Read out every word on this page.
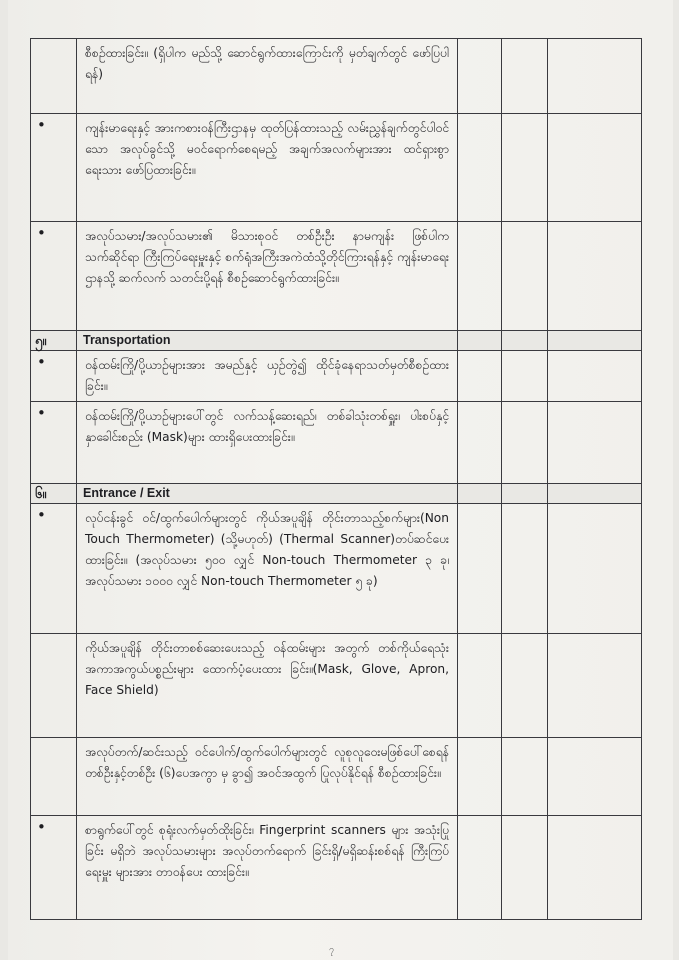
	စီစဉ်ထားခြင်း။ (ရှိပါက မည်သို့ ဆောင်ရွက်ထားကြောင်းကို မှတ်ချက်တွင် ဖော်ပြပါရန်)			

•	ကျန်းမာရေးနှင့် အားကစားဝန်ကြီးဌာနမှ ထုတ်ပြန်ထားသည့် လမ်းညွှန်ချက်တွင်ပါဝင်သော အလုပ်ခွင်သို့ မဝင်ရောက်စေရမည့် အချက်အလက်များအား ထင်ရှားစွာရေးသား ဖော်ပြထားခြင်း။			

•	အလုပ်သမား/အလုပ်သမား၏ မိသားစုဝင် တစ်ဦးဦး နာမကျန်း ဖြစ်ပါက သက်ဆိုင်ရာ ကြီးကြပ်ရေးမှူးနှင့် စက်ရုံအကြီးအကဲထံသို့တိုင်ကြားရန်နှင့် ကျန်းမာရေးဌာနသို့ ဆက်လက် သတင်းပို့ရန် စီစဉ်ဆောင်ရွက်ထားခြင်း။			

၅။	Transportation			

•	ဝန်ထမ်းကြို/ပို့ယာဉ်များအား အမည်နှင့် ယှဉ်တွဲ၍ ထိုင်ခုံနေရာသတ်မှတ်စီစဉ်ထားခြင်း။			

•	ဝန်ထမ်းကြို/ပို့ယာဉ်များပေါ်တွင် လက်သန့်ဆေးရည်၊ တစ်ခါသုံးတစ်ရှူး၊ ပါးစပ်နှင့် နှာခေါင်းစည်း (Mask)များ ထားရှိပေးထားခြင်း။			

၆။	Entrance / Exit			

•	လုပ်ငန်းခွင် ဝင်/ထွက်ပေါက်များတွင် ကိုယ်အပူချိန် တိုင်းတာသည့်စက်များ(Non Touch Thermometer) (သို့မဟုတ်) (Thermal Scanner)တပ်ဆင်ပေးထားခြင်း။ (အလုပ်သမား ၅၀၀ လျှင် Non-touch Thermometer ၃ ခု၊ အလုပ်သမား ၁၀၀၀ လျှင် Non-touch Thermometer ၅ ခု)			

	ကိုယ်အပူချိန် တိုင်းတာစစ်ဆေးပေးသည့် ဝန်ထမ်းများ အတွက် တစ်ကိုယ်ရေသုံး အကာအကွယ်ပစ္စည်းများ ထောက်ပံ့ပေးထား ခြင်း။(Mask, Glove, Apron, Face Shield)			

	အလုပ်တက်/ဆင်းသည့် ဝင်ပေါက်/ထွက်ပေါက်များတွင် လူစုလူဝေးမဖြစ်ပေါ်စေရန် တစ်ဦးနှင့်တစ်ဦး (၆)ပေအကွာ မှ ခွာ၍ အဝင်အထွက် ပြုလုပ်နိုင်ရန် စီစဉ်ထားခြင်း။			

•	စာရွက်ပေါ်တွင် စုရုံးလက်မှတ်ထိုးခြင်း၊ Fingerprint scanners များ အသုံးပြုခြင်း မရှိဘဲ အလုပ်သမားများ အလုပ်တက်ရောက် ခြင်းရှိ/မရှိဆန်းစစ်ရန် ကြီးကြပ်ရေးမှူး များအား တာဝန်ပေး ထားခြင်း။			

၇
